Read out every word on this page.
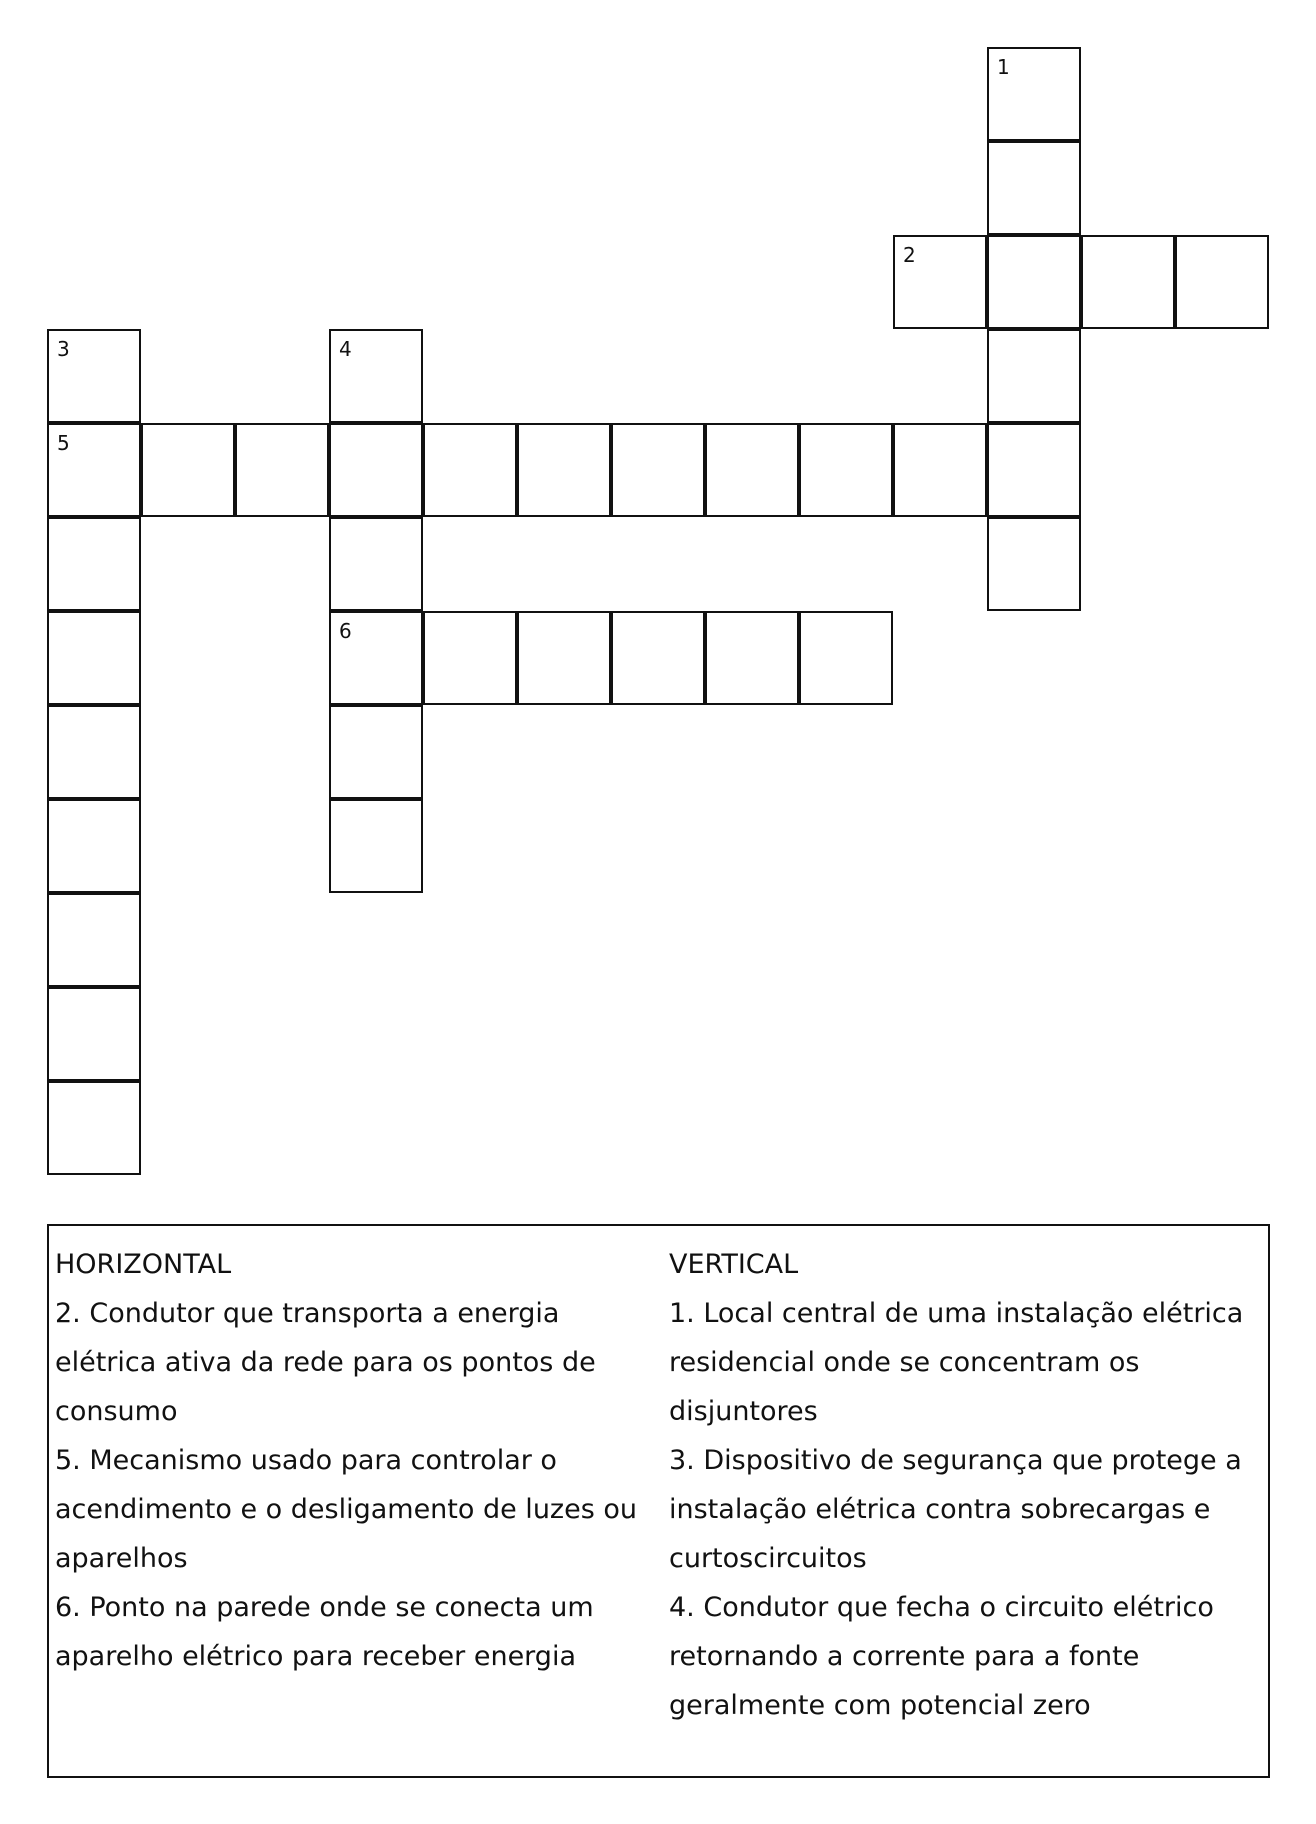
1
2
3	4
5
6
HORIZONTAL
2. Condutor que transporta a energia elétrica ativa da rede para os pontos de consumo
5. Mecanismo usado para controlar o acendimento e o desligamento de luzes ou aparelhos
6. Ponto na parede onde se conecta um aparelho elétrico para receber energia
VERTICAL
1. Local central de uma instalação elétrica residencial onde se concentram os disjuntores
3. Dispositivo de segurança que protege a instalação elétrica contra sobrecargas e curtoscircuitos
4. Condutor que fecha o circuito elétrico retornando a corrente para a fonte geralmente com potencial zero
